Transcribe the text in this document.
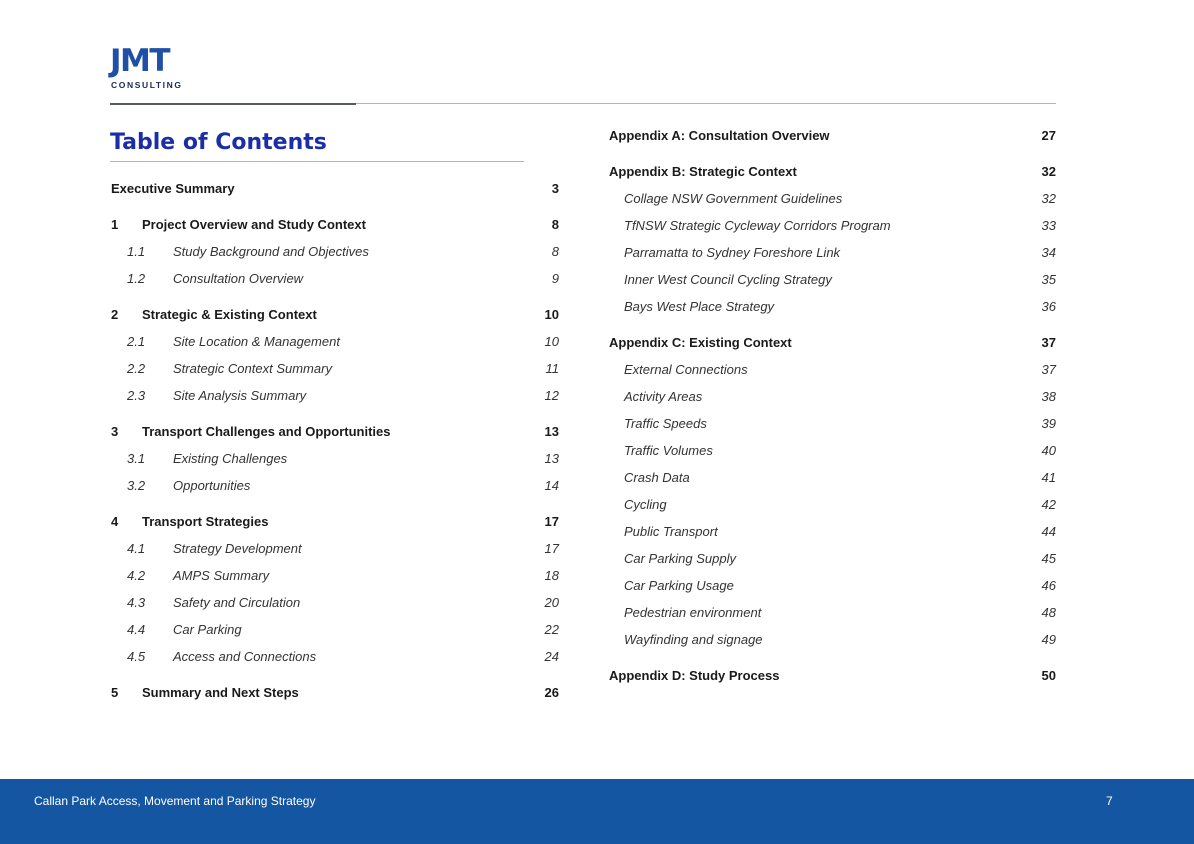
JMT
CONSULTING
Table of Contents
Executive Summary	3
1 Project Overview and Study Context	8
1.1 Study Background and Objectives	8
1.2 Consultation Overview	9
2 Strategic & Existing Context	10
2.1 Site Location & Management	10
2.2 Strategic Context Summary	11
2.3 Site Analysis Summary	12
3 Transport Challenges and Opportunities	13
3.1 Existing Challenges	13
3.2 Opportunities	14
4 Transport Strategies	17
4.1 Strategy Development	17
4.2 AMPS Summary	18
4.3 Safety and Circulation	20
4.4 Car Parking	22
4.5 Access and Connections	24
5 Summary and Next Steps	26
Appendix A: Consultation Overview	27
Appendix B: Strategic Context	32
Collage NSW Government Guidelines	32
TfNSW Strategic Cycleway Corridors Program	33
Parramatta to Sydney Foreshore Link	34
Inner West Council Cycling Strategy	35
Bays West Place Strategy	36
Appendix C: Existing Context	37
External Connections	37
Activity Areas	38
Traffic Speeds	39
Traffic Volumes	40
Crash Data	41
Cycling	42
Public Transport	44
Car Parking Supply	45
Car Parking Usage	46
Pedestrian environment	48
Wayfinding and signage	49
Appendix D: Study Process	50
Callan Park Access, Movement and Parking Strategy	7
